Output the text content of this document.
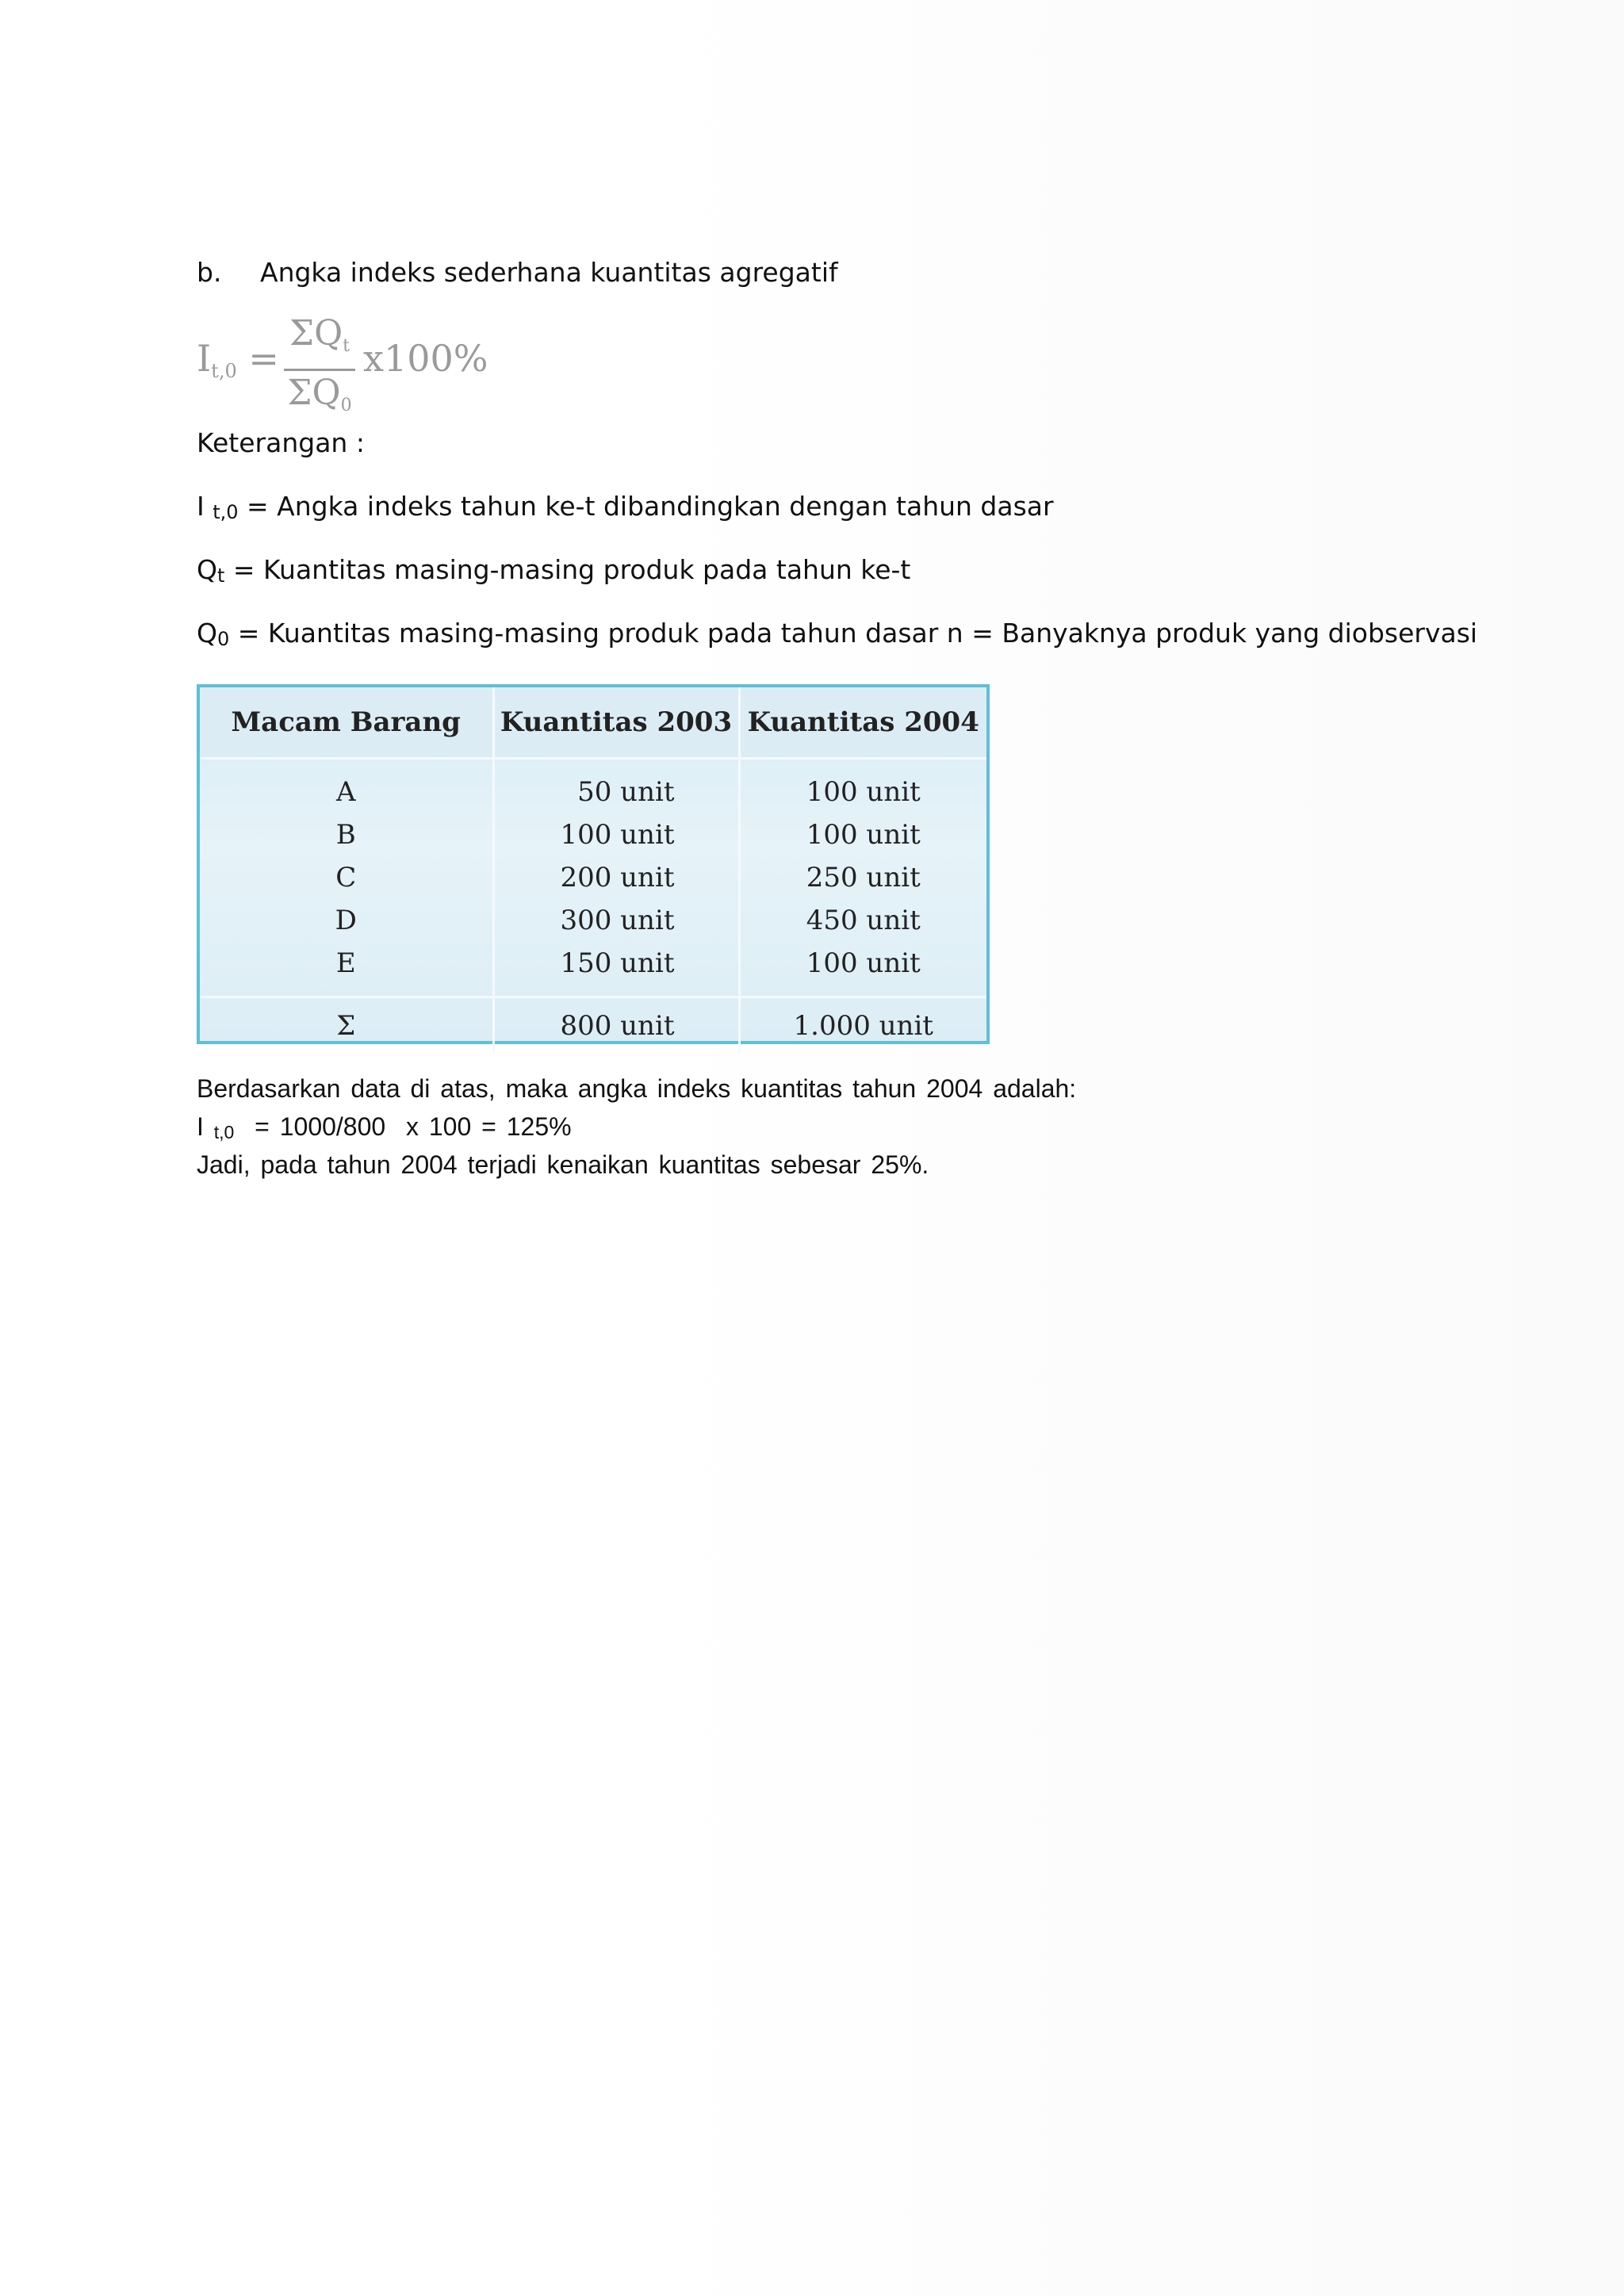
b. Angka indeks sederhana kuantitas agregatif
It,0 =
ΣQt
ΣQ0
x100%
Keterangan :
I t,0 = Angka indeks tahun ke-t dibandingkan dengan tahun dasar
Qt = Kuantitas masing-masing produk pada tahun ke-t
Q0 = Kuantitas masing-masing produk pada tahun dasar n = Banyaknya produk yang diobservasi
Macam Barang	Kuantitas 2003	Kuantitas 2004
A	50 unit	100 unit
B	100 unit	100 unit
C	200 unit	250 unit
D	300 unit	450 unit
E	150 unit	100 unit
Σ	800 unit	1.000 unit
Berdasarkan data di atas, maka angka indeks kuantitas tahun 2004 adalah:
I t,0  = 1000/800  x 100 = 125%
Jadi, pada tahun 2004 terjadi kenaikan kuantitas sebesar 25%.
